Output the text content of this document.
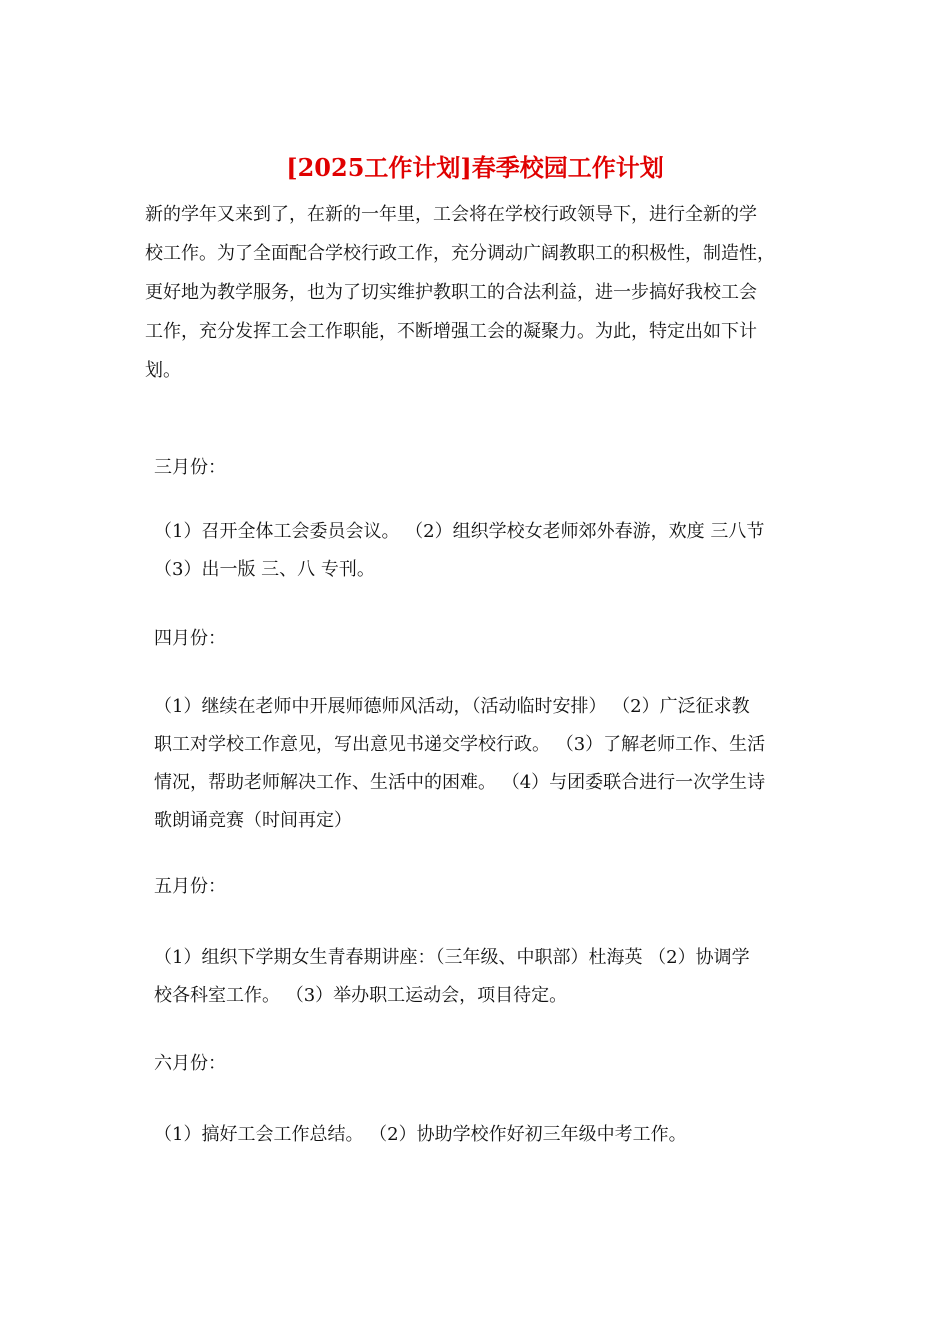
[2025工作计划]春季校园工作计划
新的学年又来到了，在新的一年里，工会将在学校行政领导下，进行全新的学
校工作。为了全面配合学校行政工作，充分调动广阔教职工的积极性，制造性，
更好地为教学服务，也为了切实维护教职工的合法利益，进一步搞好我校工会
工作，充分发挥工会工作职能，不断增强工会的凝聚力。为此，特定出如下计
划。
三月份：
（1）召开全体工会委员会议。 （2）组织学校女老师郊外春游，欢度 三八节
（3）出一版 三、八 专刊。
四月份：
（1）继续在老师中开展师德师风活动，（活动临时安排） （2）广泛征求教
职工对学校工作意见，写出意见书递交学校行政。 （3）了解老师工作、生活
情况，帮助老师解决工作、生活中的困难。 （4）与团委联合进行一次学生诗
歌朗诵竞赛（时间再定）
五月份：
（1）组织下学期女生青春期讲座：（三年级、中职部）杜海英 （2）协调学
校各科室工作。 （3）举办职工运动会，项目待定。
六月份：
（1）搞好工会工作总结。 （2）协助学校作好初三年级中考工作。
